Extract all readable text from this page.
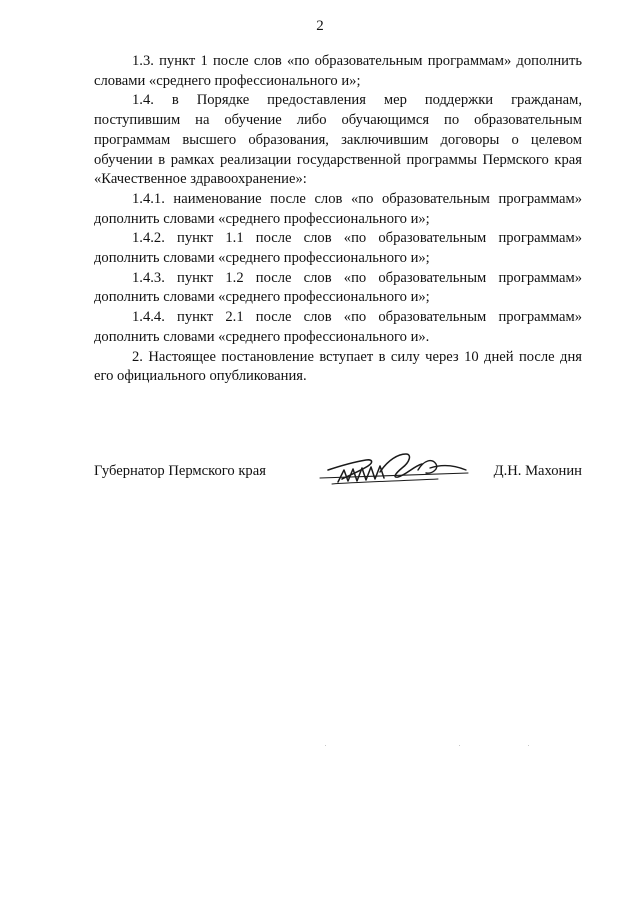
2

1.3. пункт 1 после слов «по образовательным программам» дополнить словами «среднего профессионального и»;

1.4. в Порядке предоставления мер поддержки гражданам, поступившим на обучение либо обучающимся по образовательным программам высшего образования, заключившим договоры о целевом обучении в рамках реализации государственной программы Пермского края «Качественное здравоохранение»:

1.4.1. наименование после слов «по образовательным программам» дополнить словами «среднего профессионального и»;

1.4.2. пункт 1.1 после слов «по образовательным программам» дополнить словами «среднего профессионального и»;

1.4.3. пункт 1.2 после слов «по образовательным программам» дополнить словами «среднего профессионального и»;

1.4.4. пункт 2.1 после слов «по образовательным программам» дополнить словами «среднего профессионального и».

2. Настоящее постановление вступает в силу через 10 дней после дня его официального опубликования.

Губернатор Пермского края	Д.Н. Махонин
